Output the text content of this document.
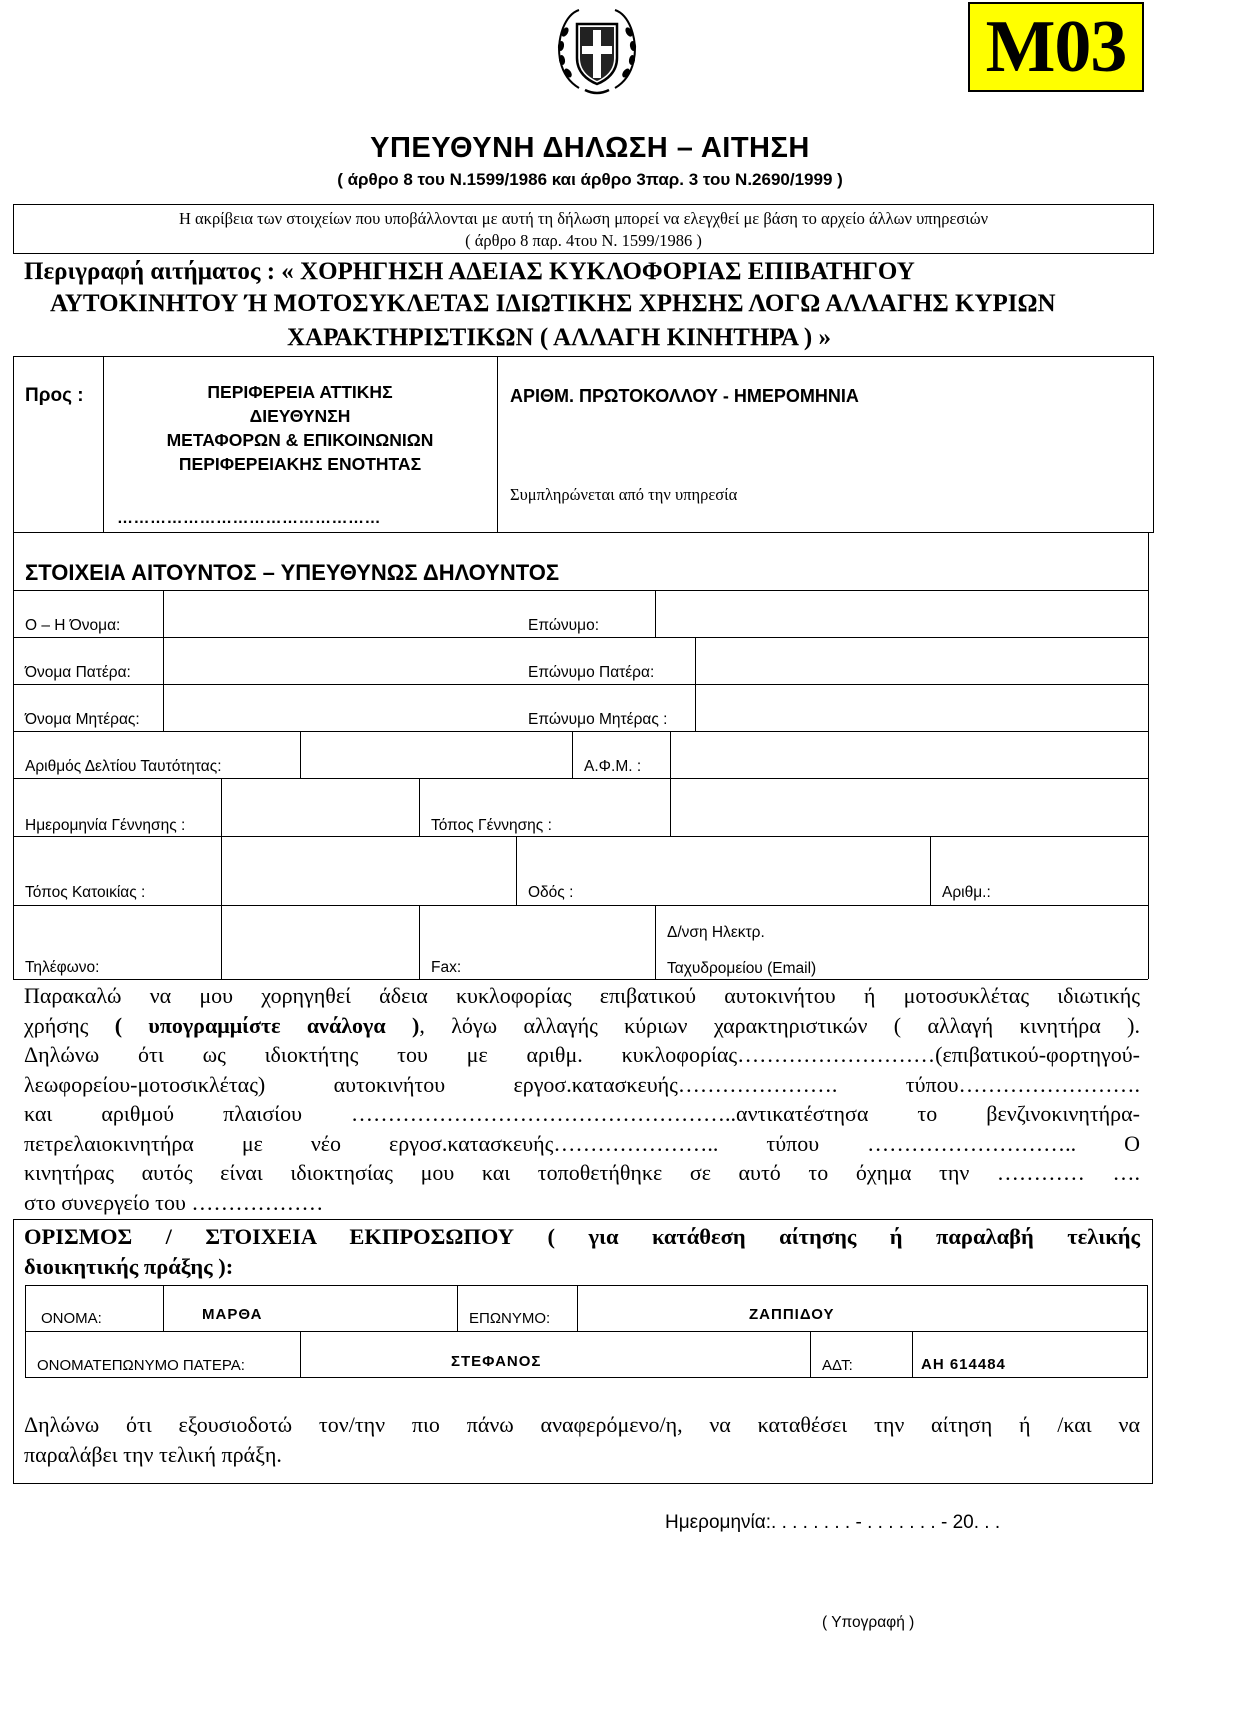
M03
ΥΠΕΥΘΥΝΗ ΔΗΛΩΣΗ – ΑΙΤΗΣΗ
( άρθρο 8 του Ν.1599/1986 και άρθρο 3παρ. 3 του Ν.2690/1999 )
Η ακρίβεια των στοιχείων που υποβάλλονται με αυτή τη δήλωση μπορεί να ελεγχθεί με βάση το αρχείο άλλων υπηρεσιών
( άρθρο 8 παρ. 4του Ν. 1599/1986 )
Περιγραφή αιτήματος : « ΧΟΡΗΓΗΣΗ ΑΔΕΙΑΣ ΚΥΚΛΟΦΟΡΙΑΣ ΕΠΙΒΑΤΗΓΟΥ
ΑΥΤΟΚΙΝΗΤΟΥ Ή ΜΟΤΟΣΥΚΛΕΤΑΣ ΙΔΙΩΤΙΚΗΣ ΧΡΗΣΗΣ ΛΟΓΩ ΑΛΛΑΓΗΣ ΚΥΡΙΩΝ
ΧΑΡΑΚΤΗΡΙΣΤΙΚΩΝ ( ΑΛΛΑΓΗ ΚΙΝΗΤΗΡΑ ) »
Προς :	ΠΕΡΙΦΕΡΕΙΑ ΑΤΤΙΚΗΣ
ΔΙΕΥΘΥΝΣΗ
ΜΕΤΑΦΟΡΩΝ & ΕΠΙΚΟΙΝΩΝΙΩΝ
ΠΕΡΙΦΕΡΕΙΑΚΗΣ ΕΝΟΤΗΤΑΣ
…………………………………………
ΑΡΙΘΜ. ΠΡΩΤΟΚΟΛΛΟΥ - ΗΜΕΡΟΜΗΝΙΑ
Συμπληρώνεται από την υπηρεσία
ΣΤΟΙΧΕΙΑ ΑΙΤΟΥΝΤΟΣ – ΥΠΕΥΘΥΝΩΣ ΔΗΛΟΥΝΤΟΣ
Ο – Η Όνομα:	Επώνυμο:
Όνομα Πατέρα:	Επώνυμο Πατέρα:
Όνομα Μητέρας:	Επώνυμο Μητέρας :
Αριθμός Δελτίου Ταυτότητας:	Α.Φ.Μ. :
Ημερομηνία Γέννησης :	Τόπος Γέννησης :
Τόπος Κατοικίας :	Οδός :	Αριθμ.:
Τηλέφωνο:	Fax:
Δ/νση Ηλεκτρ.
Ταχυδρομείου (Email)
Παρακαλώ να μου χορηγηθεί άδεια κυκλοφορίας επιβατικού αυτοκινήτου ή μοτοσυκλέτας ιδιωτικής
χρήσης ( υπογραμμίστε ανάλογα ), λόγω αλλαγής κύριων χαρακτηριστικών ( αλλαγή κινητήρα ).
Δηλώνω ότι ως ιδιοκτήτης του με αριθμ. κυκλοφορίας………………………(επιβατικού-φορτηγού-
λεωφορείου-μοτοσικλέτας) αυτοκινήτου εργοσ.κατασκευής…………………. τύπου…………………….
και αριθμού πλαισίου ……………………………………………..αντικατέστησα το βενζινοκινητήρα-
πετρελαιοκινητήρα με νέο εργοσ.κατασκευής………………….. τύπου ……………………….. Ο
κινητήρας αυτός είναι ιδιοκτησίας μου και τοποθετήθηκε σε αυτό το όχημα την ………… ….
στο συνεργείο του ………………
ΟΡΙΣΜΟΣ / ΣΤΟΙΧΕΙΑ ΕΚΠΡΟΣΩΠΟΥ ( για κατάθεση αίτησης ή παραλαβή τελικής
διοικητικής πράξης ):
ΟΝΟΜΑ:	ΜΑΡΘΑ	ΕΠΩΝΥΜΟ:	ΖΑΠΠΙΔΟΥ
ΟΝΟΜΑΤΕΠΩΝΥΜΟ ΠΑΤΕΡΑ:	ΣΤΕΦΑΝΟΣ	ΑΔΤ:	ΑΗ 614484
Δηλώνω ότι εξουσιοδοτώ τον/την πιο πάνω αναφερόμενο/η, να καταθέσει την αίτηση ή /και να
παραλάβει την τελική πράξη.
Ημερομηνία:. . . . . . . . - . . . . . . . - 20. . .
( Υπογραφή )
